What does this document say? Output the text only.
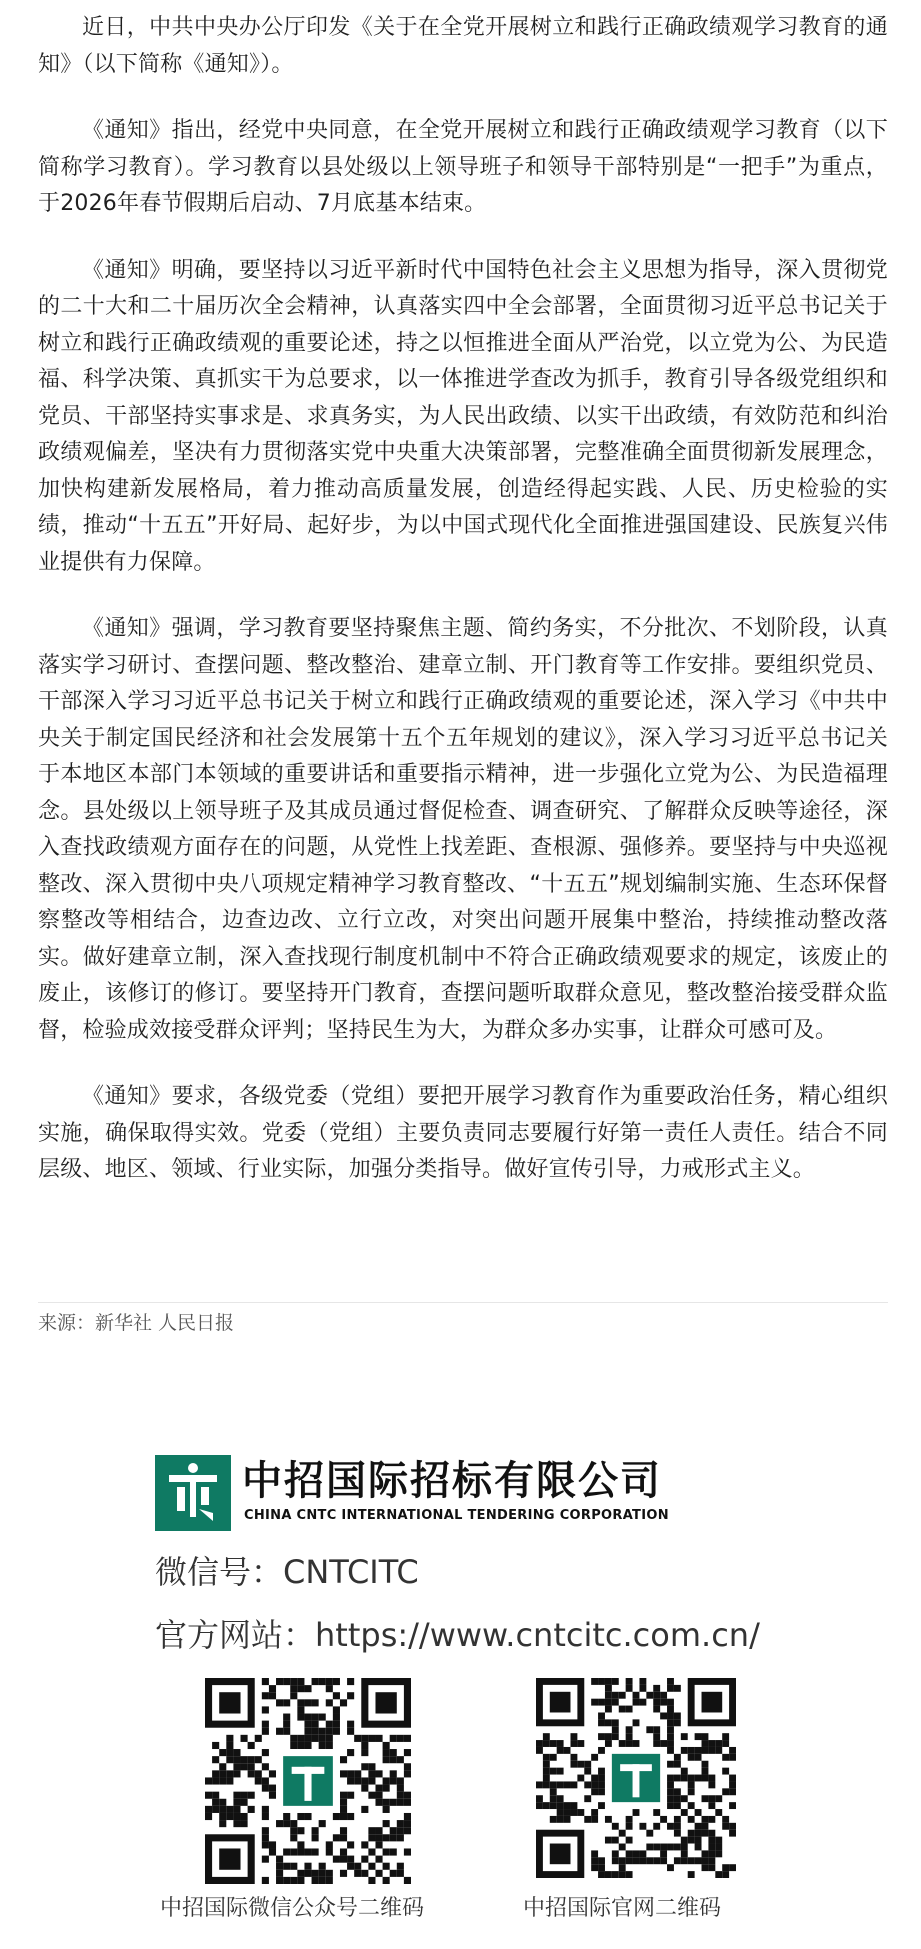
近日，中共中央办公厅印发《关于在全党开展树立和践行正确政绩观学习教育的通知》（以下简称《通知》）。

《通知》指出，经党中央同意，在全党开展树立和践行正确政绩观学习教育（以下简称学习教育）。学习教育以县处级以上领导班子和领导干部特别是“一把手”为重点，于2026年春节假期后启动、7月底基本结束。

《通知》明确，要坚持以习近平新时代中国特色社会主义思想为指导，深入贯彻党的二十大和二十届历次全会精神，认真落实四中全会部署，全面贯彻习近平总书记关于树立和践行正确政绩观的重要论述，持之以恒推进全面从严治党，以立党为公、为民造福、科学决策、真抓实干为总要求，以一体推进学查改为抓手，教育引导各级党组织和党员、干部坚持实事求是、求真务实，为人民出政绩、以实干出政绩，有效防范和纠治政绩观偏差，坚决有力贯彻落实党中央重大决策部署，完整准确全面贯彻新发展理念，加快构建新发展格局，着力推动高质量发展，创造经得起实践、人民、历史检验的实绩，推动“十五五”开好局、起好步，为以中国式现代化全面推进强国建设、民族复兴伟业提供有力保障。

《通知》强调，学习教育要坚持聚焦主题、简约务实，不分批次、不划阶段，认真落实学习研讨、查摆问题、整改整治、建章立制、开门教育等工作安排。要组织党员、干部深入学习习近平总书记关于树立和践行正确政绩观的重要论述，深入学习《中共中央关于制定国民经济和社会发展第十五个五年规划的建议》，深入学习习近平总书记关于本地区本部门本领域的重要讲话和重要指示精神，进一步强化立党为公、为民造福理念。县处级以上领导班子及其成员通过督促检查、调查研究、了解群众反映等途径，深入查找政绩观方面存在的问题，从党性上找差距、查根源、强修养。要坚持与中央巡视整改、深入贯彻中央八项规定精神学习教育整改、“十五五”规划编制实施、生态环保督察整改等相结合，边查边改、立行立改，对突出问题开展集中整治，持续推动整改落实。做好建章立制，深入查找现行制度机制中不符合正确政绩观要求的规定，该废止的废止，该修订的修订。要坚持开门教育，查摆问题听取群众意见，整改整治接受群众监督，检验成效接受群众评判；坚持民生为大，为群众多办实事，让群众可感可及。

《通知》要求，各级党委（党组）要把开展学习教育作为重要政治任务，精心组织实施，确保取得实效。党委（党组）主要负责同志要履行好第一责任人责任。结合不同层级、地区、领域、行业实际，加强分类指导。做好宣传引导，力戒形式主义。

来源：新华社 人民日报
中招国际招标有限公司
CHINA CNTC INTERNATIONAL TENDERING CORPORATION
微信号：CNTCITC
官方网站：https://www.cntcitc.com.cn/
中招国际微信公众号二维码	中招国际官网二维码
